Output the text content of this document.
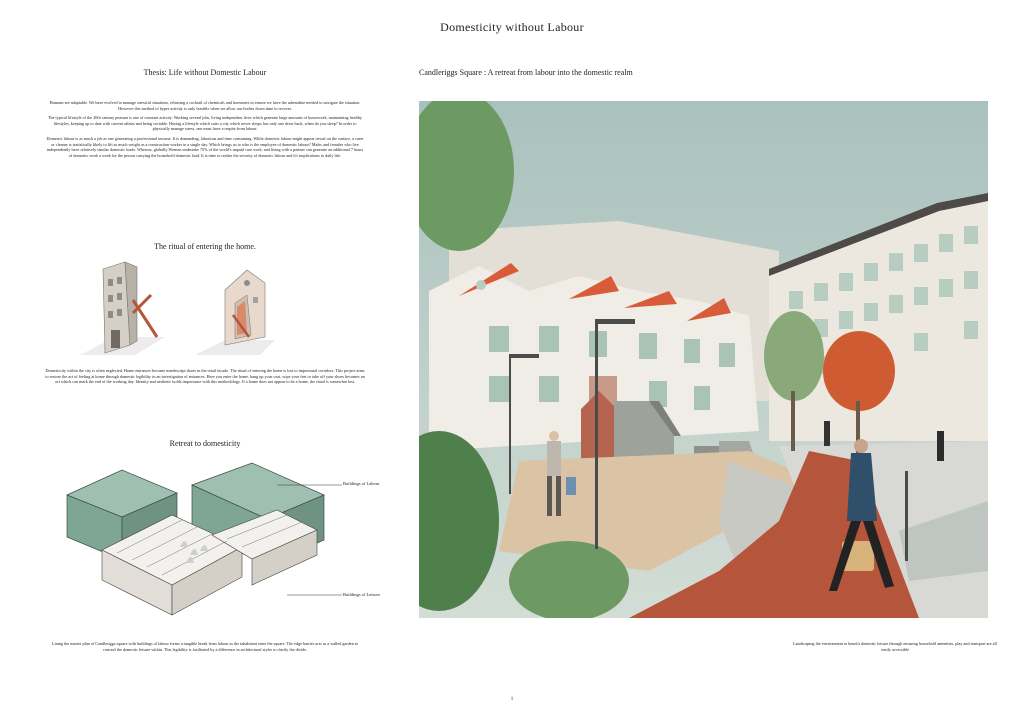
Domesticity without Labour
Thesis: Life without Domestic Labour

Humans are adaptable. We have evolved to manage stressful situations, releasing a cocktail of chemicals and hormones to ensure we have the adrenaline needed to navigate the situation. However this method of hyper activity is only feasible when we allow our bodies down time to recover.

The typical lifestyle of the 20th century peasant is one of constant activity. Working several jobs, living independent lives which generate large amounts of housework, maintaining healthy lifestyles, keeping up to date with current affairs and being sociable. Having a lifestyle which suits a city which never sleeps has only one draw back, when do you sleep? In order to physically manage stress, one must have a respite from labour.

Domestic labour is as much a job as one generating a professional income. It is demanding, laborious and time consuming. While domestic labour might appear trivial on the surface, a carer or cleaner is statistically likely to lift as much weight as a construction worker in a single day. Which brings us to who is the employee of domestic labour? Males and females who live independently have relatively similar domestic loads. Whereas, globally Women undertake 75% of the world's unpaid care work, and living with a partner can generate an additional 7 hours of domestic work a week for the person carrying the household domestic load. It is time to realise the severity of domestic labour and it's implications to daily life.

The ritual of entering the home.
Domesticity within the city is often neglected. Home entrances become nondescript doors in the retail facade. The ritual of entering the home is lost to impersonal corridors. This project aims to restore the act of feeling at home through domestic legibility in an investigation of entrances. Here you enter the home, hang up your coat, wipe your feet or take off your shoes becomes an act which can mark the end of the working day. Identity and aesthetic holds importance with this methodology. If a home does not appear to be a home, the ritual is somewhat lost.
Retreat to domesticity
Buildings of Labour
Buildings of Leisure
Lining the master plan of Candleriggs square with buildings of labour forms a tangible break from labour as the inhabitant enter the square. The edge barrier acts as a walled garden to conceal the domestic leisure within. This legibility is facilitated by a difference in architectural styles to clarify the divide.
Candleriggs Square : A retreat from labour into the domestic realm
Landscaping the environment to benefit domestic leisure through ensuring household amenities, play and transport are all easily accessible
1
